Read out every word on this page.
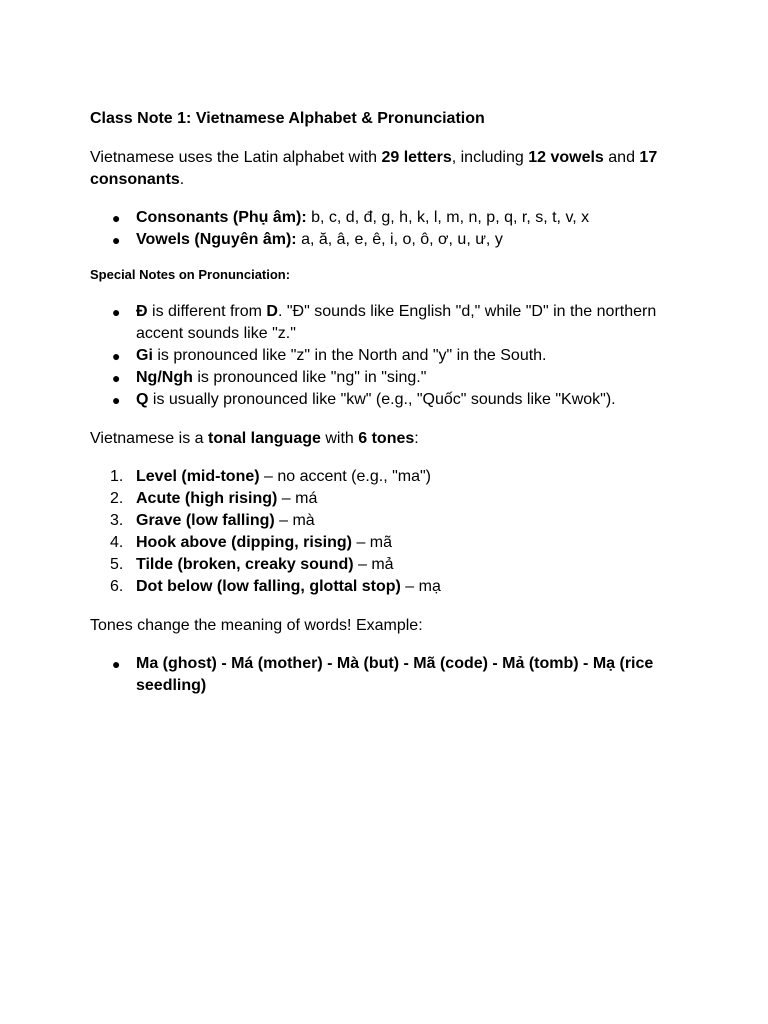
Class Note 1: Vietnamese Alphabet & Pronunciation

Vietnamese uses the Latin alphabet with 29 letters, including 12 vowels and 17 consonants.

● Consonants (Phụ âm): b, c, d, đ, g, h, k, l, m, n, p, q, r, s, t, v, x
● Vowels (Nguyên âm): a, ă, â, e, ê, i, o, ô, ơ, u, ư, y
Special Notes on Pronunciation:
● Đ is different from D. "Đ" sounds like English "d," while "D" in the northern accent sounds like "z."
● Gi is pronounced like "z" in the North and "y" in the South.
● Ng/Ngh is pronounced like "ng" in "sing."
● Q is usually pronounced like "kw" (e.g., "Quốc" sounds like "Kwok").

Vietnamese is a tonal language with 6 tones:

1. Level (mid-tone) – no accent (e.g., "ma")
2. Acute (high rising) – má
3. Grave (low falling) – mà
4. Hook above (dipping, rising) – mã
5. Tilde (broken, creaky sound) – mả
6. Dot below (low falling, glottal stop) – mạ

Tones change the meaning of words! Example:

● Ma (ghost) - Má (mother) - Mà (but) - Mã (code) - Mả (tomb) - Mạ (rice seedling)
